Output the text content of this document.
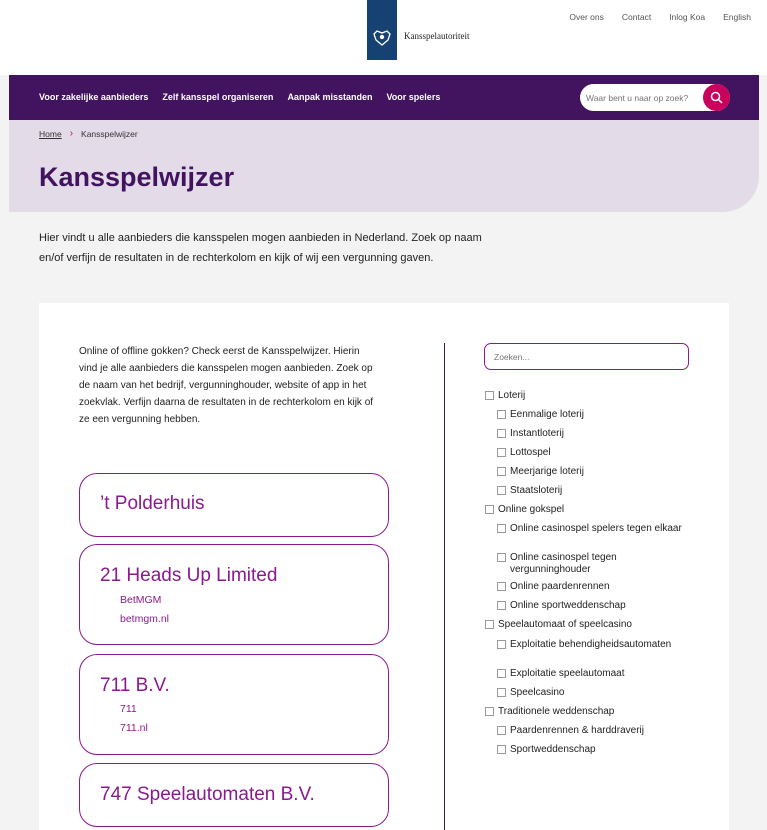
Kansspelautoriteit
Over ons Contact Inlog Koa English
Voor zakelijke aanbieders Zelf kansspel organiseren Aanpak misstanden Voor spelers
Waar bent u naar op zoek?
Home › Kansspelwijzer
Kansspelwijzer

Hier vindt u alle aanbieders die kansspelen mogen aanbieden in Nederland. Zoek op naam en/of verfijn de resultaten in de rechterkolom en kijk of wij een vergunning gaven.

Online of offline gokken? Check eerst de Kansspelwijzer. Hierin vind je alle aanbieders die kansspelen mogen aanbieden. Zoek op de naam van het bedrijf, vergunninghouder, website of app in het zoekvlak. Verfijn daarna de resultaten in de rechterkolom en kijk of ze een vergunning hebben.

’t Polderhuis
21 Heads Up Limited
BetMGM
betmgm.nl
711 B.V.
711
711.nl
747 Speelautomaten B.V.
Zoeken...
Loterij
Eenmalige loterij
Instantloterij
Lottospel
Meerjarige loterij
Staatsloterij
Online gokspel
Online casinospel spelers tegen elkaar
Online casinospel tegen vergunninghouder
Online paardenrennen
Online sportweddenschap
Speelautomaat of speelcasino
Exploitatie behendigheidsautomaten
Exploitatie speelautomaat
Speelcasino
Traditionele weddenschap
Paardenrennen & harddraverij
Sportweddenschap
